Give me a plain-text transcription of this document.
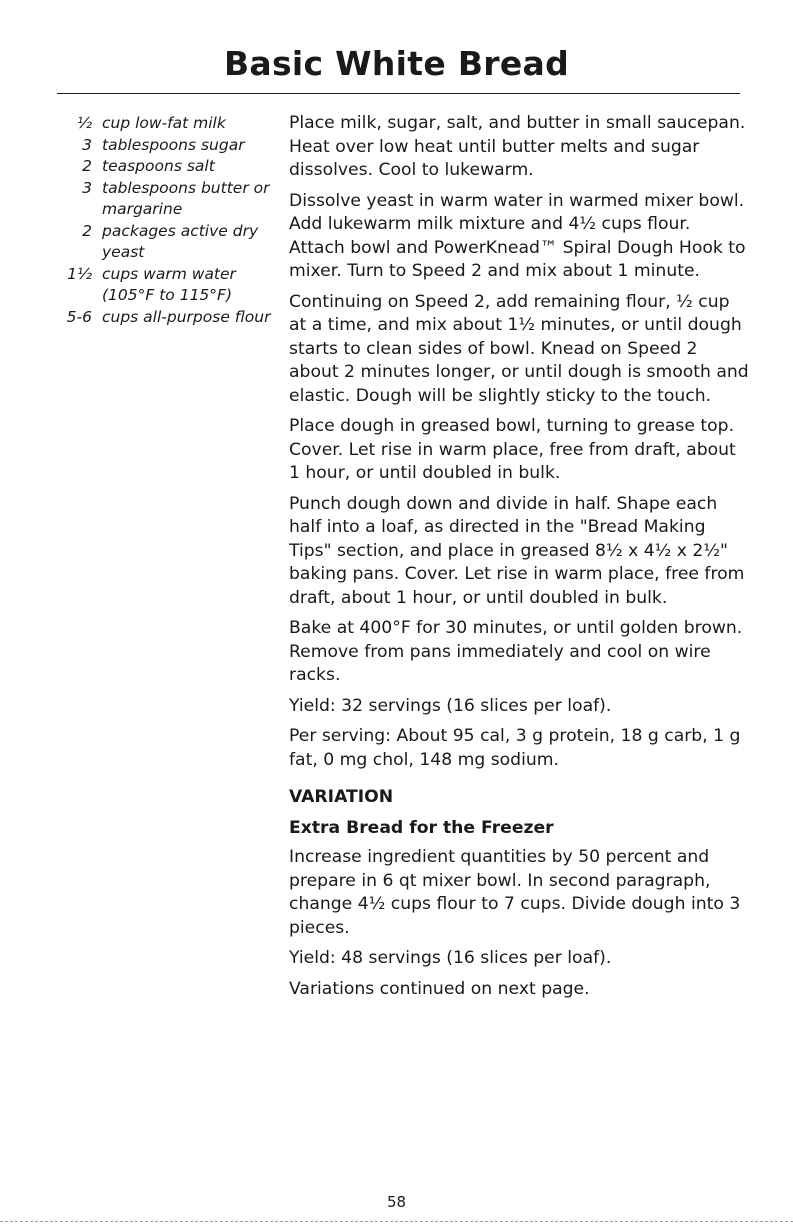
Basic White Bread
½ cup low-fat milk
3 tablespoons sugar
2 teaspoons salt
3 tablespoons butter or margarine
2 packages active dry yeast
1½ cups warm water (105°F to 115°F)
5-6 cups all-purpose flour

Place milk, sugar, salt, and butter in small saucepan. Heat over low heat until butter melts and sugar dissolves. Cool to lukewarm.

Dissolve yeast in warm water in warmed mixer bowl. Add lukewarm milk mixture and 4½ cups flour. Attach bowl and PowerKnead™ Spiral Dough Hook to mixer. Turn to Speed 2 and mix about 1 minute.

Continuing on Speed 2, add remaining flour, ½ cup at a time, and mix about 1½ minutes, or until dough starts to clean sides of bowl. Knead on Speed 2 about 2 minutes longer, or until dough is smooth and elastic. Dough will be slightly sticky to the touch.

Place dough in greased bowl, turning to grease top. Cover. Let rise in warm place, free from draft, about 1 hour, or until doubled in bulk.

Punch dough down and divide in half. Shape each half into a loaf, as directed in the "Bread Making Tips" section, and place in greased 8½ x 4½ x 2½" baking pans. Cover. Let rise in warm place, free from draft, about 1 hour, or until doubled in bulk.

Bake at 400°F for 30 minutes, or until golden brown. Remove from pans immediately and cool on wire racks.

Yield: 32 servings (16 slices per loaf).

Per serving: About 95 cal, 3 g protein, 18 g carb, 1 g fat, 0 mg chol, 148 mg sodium.

VARIATION
Extra Bread for the Freezer

Increase ingredient quantities by 50 percent and prepare in 6 qt mixer bowl. In second paragraph, change 4½ cups flour to 7 cups. Divide dough into 3 pieces.

Yield: 48 servings (16 slices per loaf).

Variations continued on next page.

58
